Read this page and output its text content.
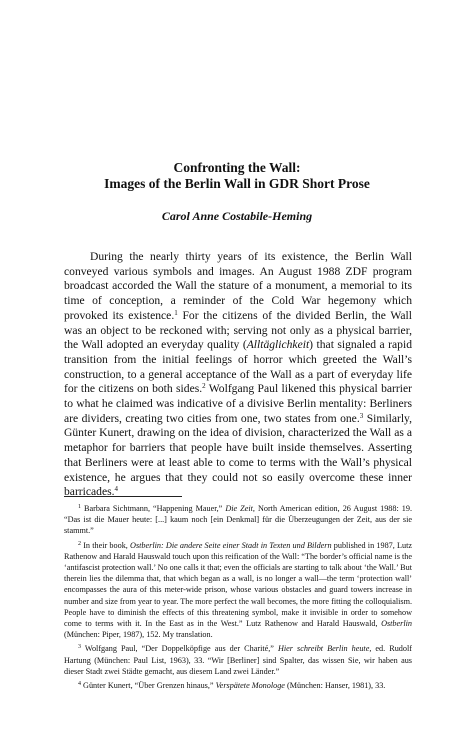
Confronting the Wall:
Images of the Berlin Wall in GDR Short Prose
Carol Anne Costabile-Heming

During the nearly thirty years of its existence, the Berlin Wall conveyed various symbols and images. An August 1988 ZDF program broadcast accorded the Wall the stature of a monument, a memorial to its time of conception, a reminder of the Cold War hegemony which provoked its existence.$^1$ For the citizens of the divided Berlin, the Wall was an object to be reckoned with; serving not only as a physical barrier, the Wall adopted an everyday quality (Alltäglichkeit) that signaled a rapid transition from the initial feelings of horror which greeted the Wall’s construction, to a general acceptance of the Wall as a part of everyday life for the citizens on both sides.$^2$ Wolfgang Paul likened this physical barrier to what he claimed was indicative of a divisive Berlin mentality: Berliners are dividers, creating two cities from one, two states from one.$^3$ Similarly, Günter Kunert, drawing on the idea of division, characterized the Wall as a metaphor for barriers that people have built inside themselves. Asserting that Berliners were at least able to come to terms with the Wall’s physical existence, he argues that they could not so easily overcome these inner barricades.$^4$

$^1$ Barbara Sichtmann, “Happening Mauer,” Die Zeit, North American edition, 26 August 1988: 19. “Das ist die Mauer heute: [...] kaum noch [ein Denkmal] für die Überzeugungen der Zeit, aus der sie stammt.”

$^2$ In their book, Ostberlin: Die andere Seite einer Stadt in Texten und Bildern published in 1987, Lutz Rathenow and Harald Hauswald touch upon this reification of the Wall: “The border’s official name is the ‘antifascist protection wall.’ No one calls it that; even the officials are starting to talk about ‘the Wall.’ But therein lies the dilemma that, that which began as a wall, is no longer a wall—the term ‘protection wall’ encompasses the aura of this meter-wide prison, whose various obstacles and guard towers increase in number and size from year to year. The more perfect the wall becomes, the more fitting the colloquialism. People have to diminish the effects of this threatening symbol, make it invisible in order to somehow come to terms with it. In the East as in the West.” Lutz Rathenow and Harald Hauswald, Ostberlin (München: Piper, 1987), 152. My translation.

$^3$ Wolfgang Paul, “Der Doppelköpfige aus der Charité,” Hier schreibt Berlin heute, ed. Rudolf Hartung (München: Paul List, 1963), 33. “Wir [Berliner] sind Spalter, das wissen Sie, wir haben aus dieser Stadt zwei Städte gemacht, aus diesem Land zwei Länder.”

$^4$ Günter Kunert, “Über Grenzen hinaus,” Verspätete Monologe (München: Hanser, 1981), 33.
